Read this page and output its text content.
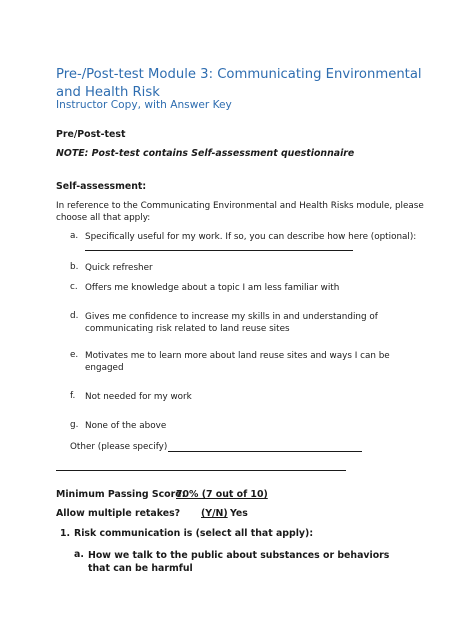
Pre-/Post-test Module 3: Communicating Environmental and Health Risk
Instructor Copy, with Answer Key
Pre/Post-test
NOTE: Post-test contains Self-assessment questionnaire
Self-assessment:
In reference to the Communicating Environmental and Health Risks module, please choose all that apply:
a. Specifically useful for my work. If so, you can describe how here (optional):
b. Quick refresher
c. Offers me knowledge about a topic I am less familiar with
d. Gives me confidence to increase my skills in and understanding of communicating risk related to land reuse sites
e. Motivates me to learn more about land reuse sites and ways I can be engaged
f. Not needed for my work
g. None of the above
Other (please specify)
Minimum Passing Score:
70% (7 out of 10)
Allow multiple retakes? (Y/N) Yes
1. Risk communication is (select all that apply):
a. How we talk to the public about substances or behaviors that can be harmful
